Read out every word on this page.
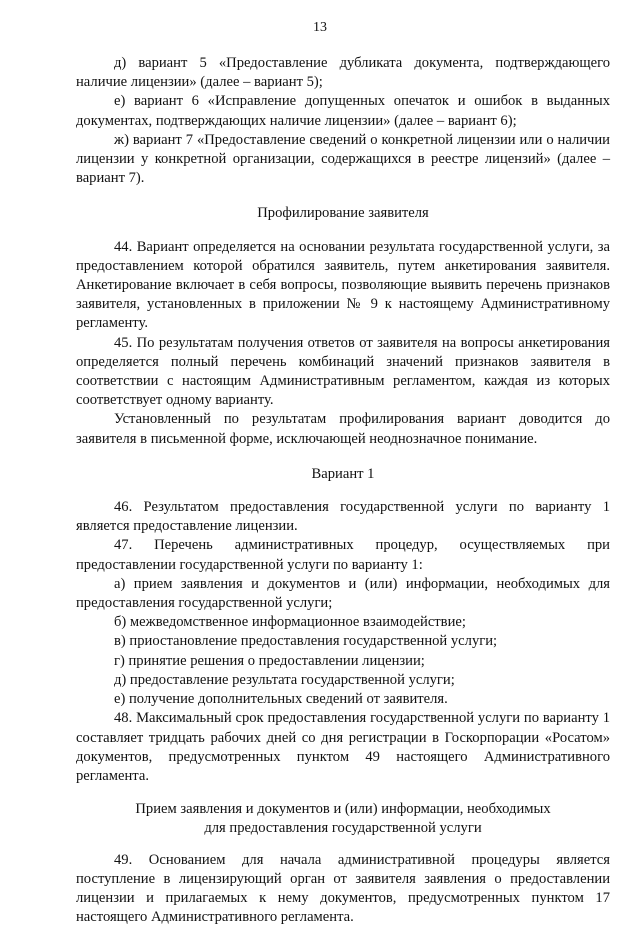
13

д) вариант 5 «Предоставление дубликата документа, подтверждающего наличие лицензии» (далее – вариант 5);

е) вариант 6 «Исправление допущенных опечаток и ошибок в выданных документах, подтверждающих наличие лицензии» (далее – вариант 6);

ж) вариант 7 «Предоставление сведений о конкретной лицензии или о наличии лицензии у конкретной организации, содержащихся в реестре лицензий» (далее – вариант 7).

Профилирование заявителя

44. Вариант определяется на основании результата государственной услуги, за предоставлением которой обратился заявитель, путем анкетирования заявителя. Анкетирование включает в себя вопросы, позволяющие выявить перечень признаков заявителя, установленных в приложении № 9 к настоящему Административному регламенту.

45. По результатам получения ответов от заявителя на вопросы анкетирования определяется полный перечень комбинаций значений признаков заявителя в соответствии с настоящим Административным регламентом, каждая из которых соответствует одному варианту.

Установленный по результатам профилирования вариант доводится до заявителя в письменной форме, исключающей неоднозначное понимание.

Вариант 1

46. Результатом предоставления государственной услуги по варианту 1 является предоставление лицензии.

47. Перечень административных процедур, осуществляемых при предоставлении государственной услуги по варианту 1:

а) прием заявления и документов и (или) информации, необходимых для предоставления государственной услуги;

б) межведомственное информационное взаимодействие;

в) приостановление предоставления государственной услуги;

г) принятие решения о предоставлении лицензии;

д) предоставление результата государственной услуги;

е) получение дополнительных сведений от заявителя.

48. Максимальный срок предоставления государственной услуги по варианту 1 составляет тридцать рабочих дней со дня регистрации в Госкорпорации «Росатом» документов, предусмотренных пунктом 49 настоящего Административного регламента.

Прием заявления и документов и (или) информации, необходимых
для предоставления государственной услуги

49. Основанием для начала административной процедуры является поступление в лицензирующий орган от заявителя заявления о предоставлении лицензии и прилагаемых к нему документов, предусмотренных пунктом 17 настоящего Административного регламента.
